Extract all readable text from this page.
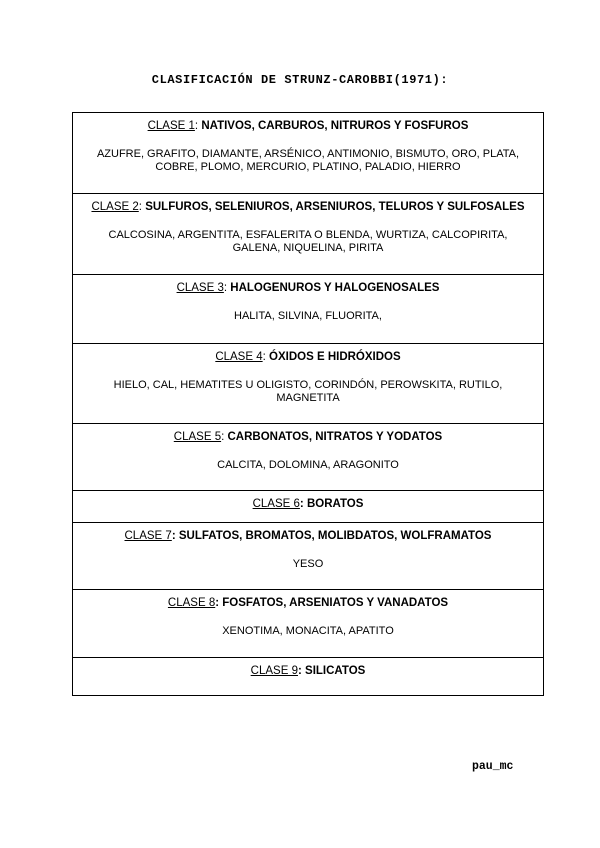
CLASIFICACIÓN DE STRUNZ-CAROBBI(1971):
CLASE 1: NATIVOS, CARBUROS, NITRUROS Y FOSFUROS
AZUFRE, GRAFITO, DIAMANTE, ARSÉNICO, ANTIMONIO, BISMUTO, ORO, PLATA, COBRE, PLOMO, MERCURIO, PLATINO, PALADIO, HIERRO
CLASE 2: SULFUROS, SELENIUROS, ARSENIUROS, TELUROS Y SULFOSALES
CALCOSINA, ARGENTITA, ESFALERITA O BLENDA, WURTIZA, CALCOPIRITA, GALENA, NIQUELINA, PIRITA
CLASE 3: HALOGENUROS Y HALOGENOSALES
HALITA, SILVINA, FLUORITA,
CLASE 4: ÓXIDOS E HIDRÓXIDOS
HIELO, CAL, HEMATITES U OLIGISTO, CORINDÓN, PEROWSKITA, RUTILO, MAGNETITA
CLASE 5: CARBONATOS, NITRATOS Y YODATOS
CALCITA, DOLOMINA, ARAGONITO
CLASE 6: BORATOS
CLASE 7: SULFATOS, BROMATOS, MOLIBDATOS, WOLFRAMATOS
YESO
CLASE 8: FOSFATOS, ARSENIATOS Y VANADATOS
XENOTIMA, MONACITA, APATITO
CLASE 9: SILICATOS
pau_mc
